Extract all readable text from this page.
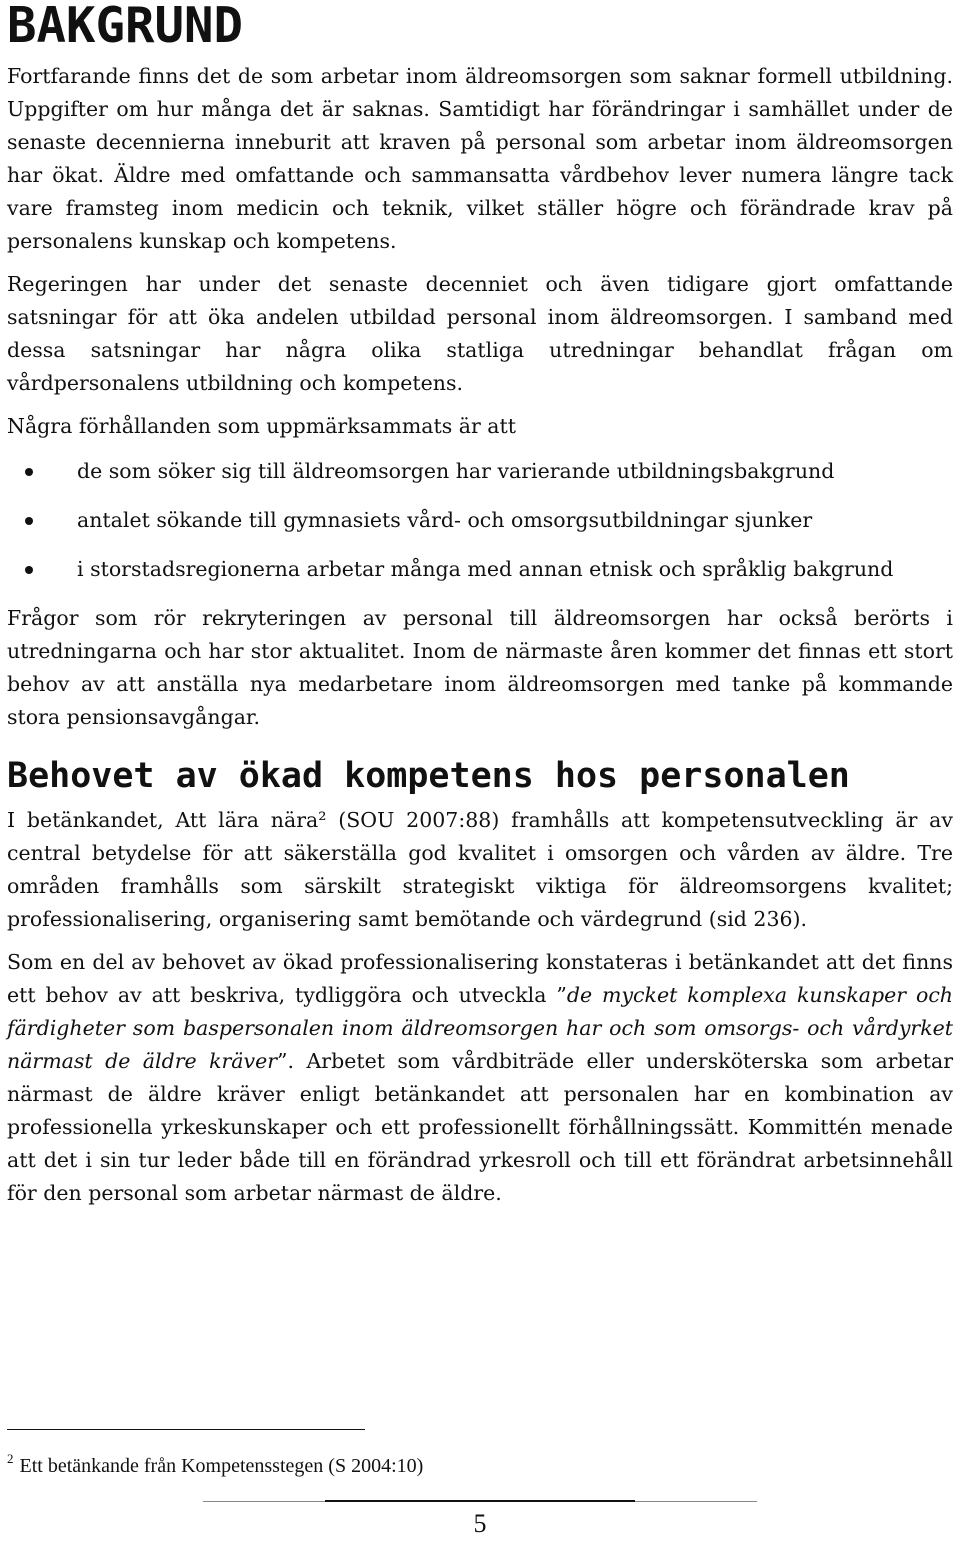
BAKGRUND

Fortfarande finns det de som arbetar inom äldreomsorgen som saknar formell utbildning. Uppgifter om hur många det är saknas. Samtidigt har förändringar i samhället under de senaste decennierna inneburit att kraven på personal som arbetar inom äldreomsorgen har ökat. Äldre med omfattande och sammansatta vårdbehov lever numera längre tack vare framsteg inom medicin och teknik, vilket ställer högre och förändrade krav på personalens kunskap och kompetens.

Regeringen har under det senaste decenniet och även tidigare gjort omfattande satsningar för att öka andelen utbildad personal inom äldreomsorgen. I samband med dessa satsningar har några olika statliga utredningar behandlat frågan om vårdpersonalens utbildning och kompetens.

Några förhållanden som uppmärksammats är att

de som söker sig till äldreomsorgen har varierande utbildningsbakgrund
antalet sökande till gymnasiets vård- och omsorgsutbildningar sjunker
i storstadsregionerna arbetar många med annan etnisk och språklig bakgrund

Frågor som rör rekryteringen av personal till äldreomsorgen har också berörts i utredningarna och har stor aktualitet. Inom de närmaste åren kommer det finnas ett stort behov av att anställa nya medarbetare inom äldreomsorgen med tanke på kommande stora pensionsavgångar.

Behovet av ökad kompetens hos personalen

I betänkandet, Att lära nära² (SOU 2007:88) framhålls att kompetensutveckling är av central betydelse för att säkerställa god kvalitet i omsorgen och vården av äldre. Tre områden framhålls som särskilt strategiskt viktiga för äldreomsorgens kvalitet; professionalisering, organisering samt bemötande och värdegrund (sid 236).

Som en del av behovet av ökad professionalisering konstateras i betänkandet att det finns ett behov av att beskriva, tydliggöra och utveckla ”de mycket komplexa kunskaper och färdigheter som baspersonalen inom äldreomsorgen har och som omsorgs- och vårdyrket närmast de äldre kräver”. Arbetet som vårdbiträde eller undersköterska som arbetar närmast de äldre kräver enligt betänkandet att personalen har en kombination av professionella yrkeskunskaper och ett professionellt förhållningssätt. Kommittén menade att det i sin tur leder både till en förändrad yrkesroll och till ett förändrat arbetsinnehåll för den personal som arbetar närmast de äldre.

$^2$ Ett betänkande från Kompetensstegen (S 2004:10)
5
